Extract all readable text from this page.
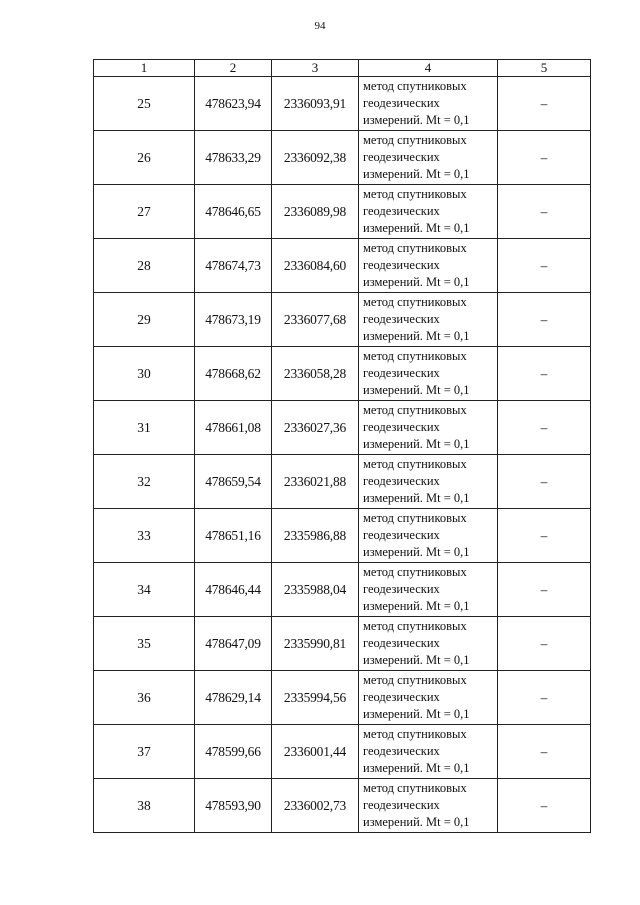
94
1	2	3	4	5
25	478623,94	2336093,91	метод спутниковых
геодезических
измерений. Mt = 0,1	–
26	478633,29	2336092,38	метод спутниковых
геодезических
измерений. Mt = 0,1	–
27	478646,65	2336089,98	метод спутниковых
геодезических
измерений. Mt = 0,1	–
28	478674,73	2336084,60	метод спутниковых
геодезических
измерений. Mt = 0,1	–
29	478673,19	2336077,68	метод спутниковых
геодезических
измерений. Mt = 0,1	–
30	478668,62	2336058,28	метод спутниковых
геодезических
измерений. Mt = 0,1	–
31	478661,08	2336027,36	метод спутниковых
геодезических
измерений. Mt = 0,1	–
32	478659,54	2336021,88	метод спутниковых
геодезических
измерений. Mt = 0,1	–
33	478651,16	2335986,88	метод спутниковых
геодезических
измерений. Mt = 0,1	–
34	478646,44	2335988,04	метод спутниковых
геодезических
измерений. Mt = 0,1	–
35	478647,09	2335990,81	метод спутниковых
геодезических
измерений. Mt = 0,1	–
36	478629,14	2335994,56	метод спутниковых
геодезических
измерений. Mt = 0,1	–
37	478599,66	2336001,44	метод спутниковых
геодезических
измерений. Mt = 0,1	–
38	478593,90	2336002,73	метод спутниковых
геодезических
измерений. Mt = 0,1	–
